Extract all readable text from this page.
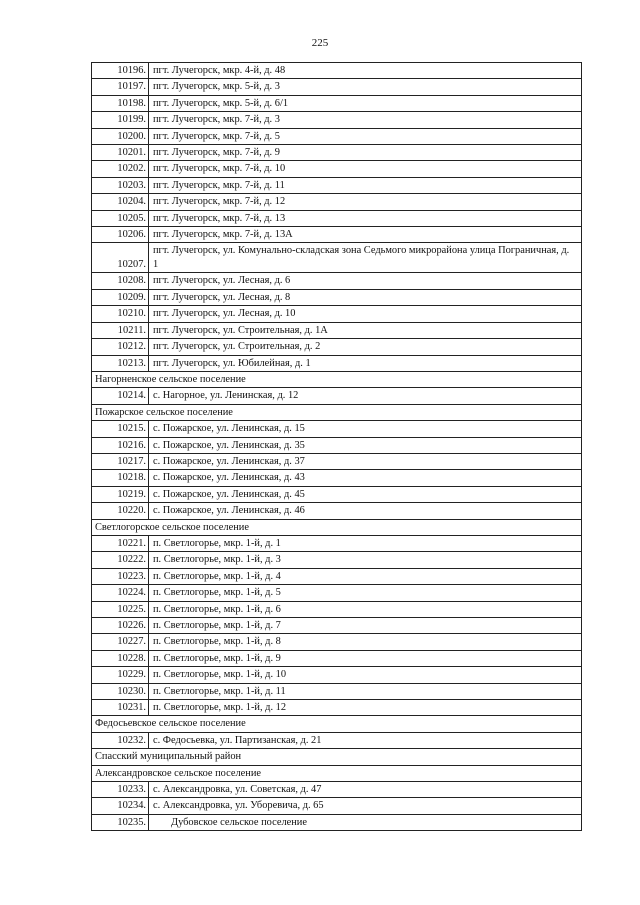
225
10196.	пгт. Лучегорск, мкр. 4-й, д. 48
10197.	пгт. Лучегорск, мкр. 5-й, д. 3
10198.	пгт. Лучегорск, мкр. 5-й, д. 6/1
10199.	пгт. Лучегорск, мкр. 7-й, д. 3
10200.	пгт. Лучегорск, мкр. 7-й, д. 5
10201.	пгт. Лучегорск, мкр. 7-й, д. 9
10202.	пгт. Лучегорск, мкр. 7-й, д. 10
10203.	пгт. Лучегорск, мкр. 7-й, д. 11
10204.	пгт. Лучегорск, мкр. 7-й, д. 12
10205.	пгт. Лучегорск, мкр. 7-й, д. 13
10206.	пгт. Лучегорск, мкр. 7-й, д. 13А
10207.	пгт. Лучегорск, ул. Комунально-складская зона Седьмого микрорайона улица Пограничная, д. 1
10208.	пгт. Лучегорск, ул. Лесная, д. 6
10209.	пгт. Лучегорск, ул. Лесная, д. 8
10210.	пгт. Лучегорск, ул. Лесная, д. 10
10211.	пгт. Лучегорск, ул. Строительная, д. 1А
10212.	пгт. Лучегорск, ул. Строительная, д. 2
10213.	пгт. Лучегорск, ул. Юбилейная, д. 1
Нагорненское сельское поселение	
10214.	с. Нагорное, ул. Ленинская, д. 12
Пожарское сельское поселение	
10215.	с. Пожарское, ул. Ленинская, д. 15
10216.	с. Пожарское, ул. Ленинская, д. 35
10217.	с. Пожарское, ул. Ленинская, д. 37
10218.	с. Пожарское, ул. Ленинская, д. 43
10219.	с. Пожарское, ул. Ленинская, д. 45
10220.	с. Пожарское, ул. Ленинская, д. 46
Светлогорское сельское поселение	
10221.	п. Светлогорье, мкр. 1-й, д. 1
10222.	п. Светлогорье, мкр. 1-й, д. 3
10223.	п. Светлогорье, мкр. 1-й, д. 4
10224.	п. Светлогорье, мкр. 1-й, д. 5
10225.	п. Светлогорье, мкр. 1-й, д. 6
10226.	п. Светлогорье, мкр. 1-й, д. 7
10227.	п. Светлогорье, мкр. 1-й, д. 8
10228.	п. Светлогорье, мкр. 1-й, д. 9
10229.	п. Светлогорье, мкр. 1-й, д. 10
10230.	п. Светлогорье, мкр. 1-й, д. 11
10231.	п. Светлогорье, мкр. 1-й, д. 12
Федосьевское сельское поселение	
10232.	с. Федосьевка, ул. Партизанская, д. 21
Спасский муниципальный район	
Александровское сельское поселение	
10233.	с. Александровка, ул. Советская, д. 47
10234.	с. Александровка, ул. Уборевича, д. 65
10235.	Дубовское сельское поселение
